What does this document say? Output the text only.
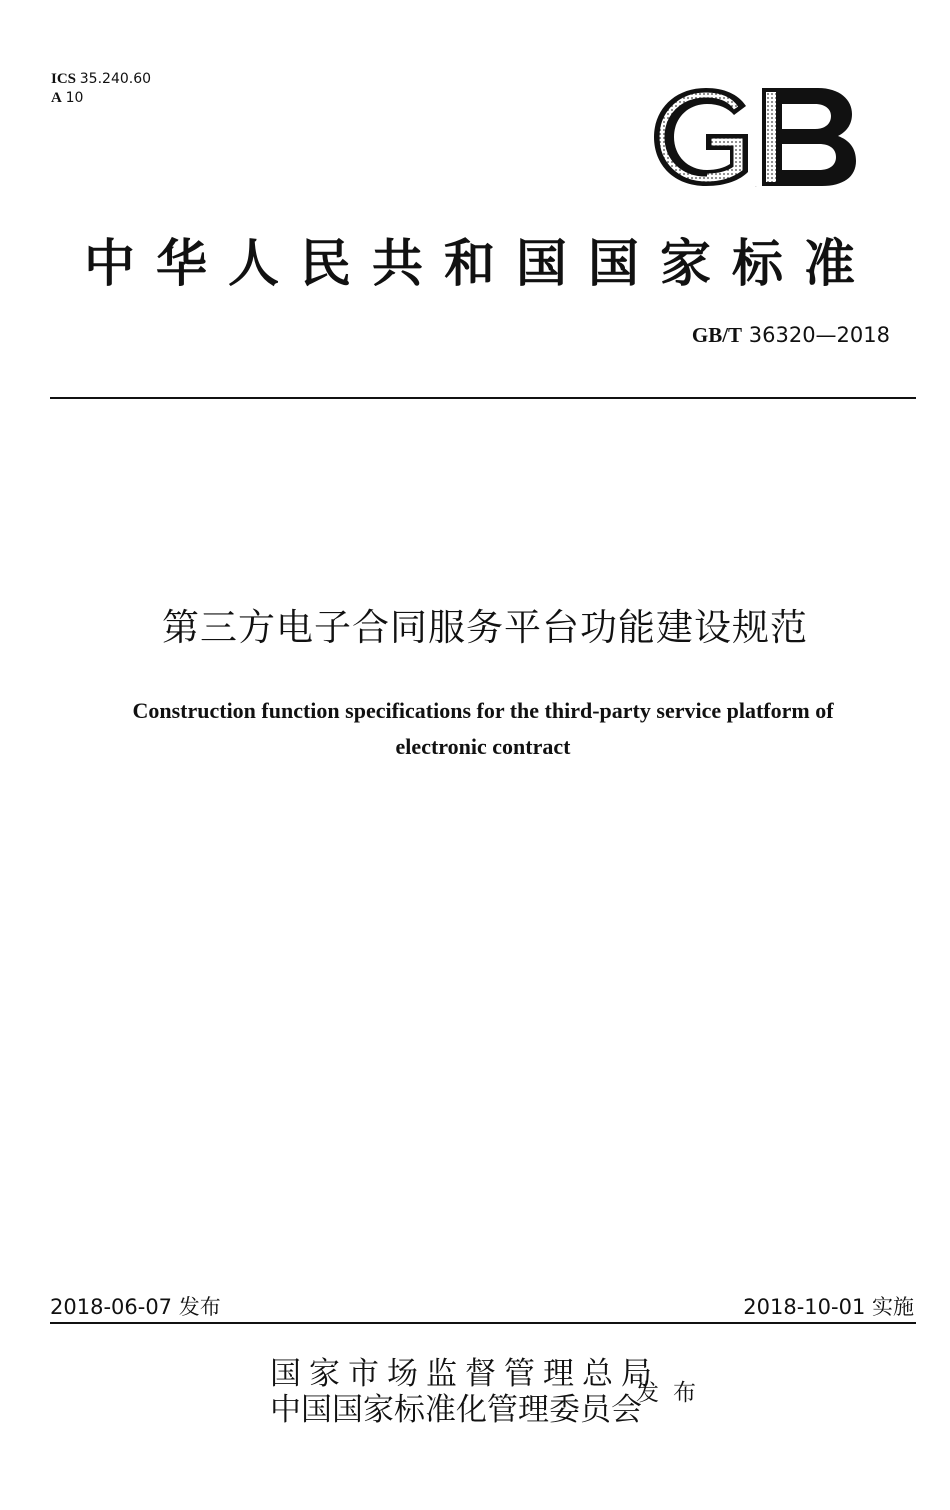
ICS 35.240.60
A 10
GB
中华人民共和国国家标准
GB/T 36320—2018
第三方电子合同服务平台功能建设规范
Construction function specifications for the third-party service platform of
electronic contract
2018-06-07 发布	2018-10-01 实施
国家市场监督管理总局
中国国家标准化管理委员会
发布
